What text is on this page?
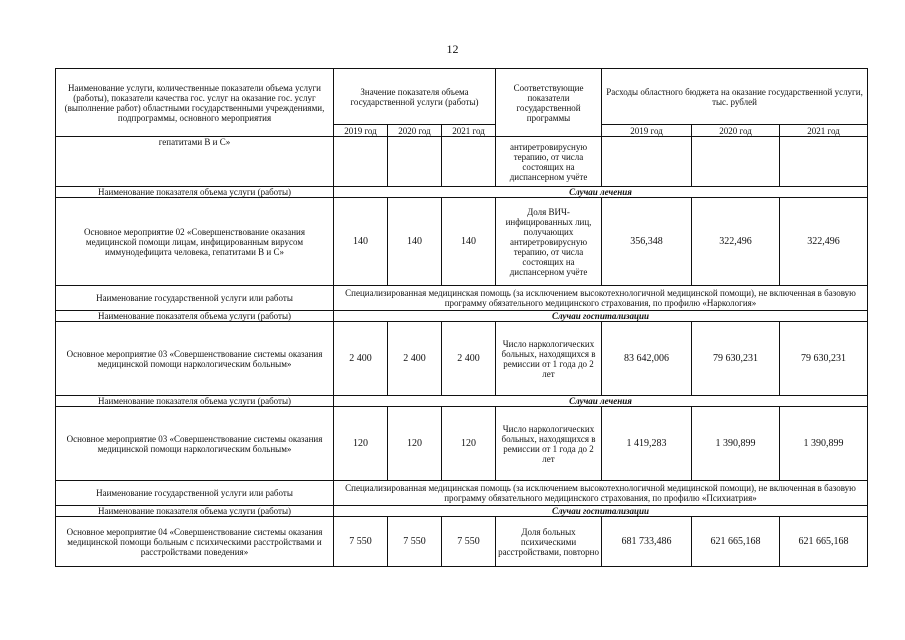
12
Наименование услуги, количественные показатели объема услуги (работы), показатели качества гос. услуг на оказание гос. услуг (выполнение работ) областными государственными учреждениями, подпрограммы, основного мероприятия	Значение показателя объема государственной услуги (работы)			Соответствующие показатели государственной программы	Расходы областного бюджета на оказание государственной услуги, тыс. рублей		
	2019 год	2020 год	2021 год		2019 год	2020 год	2021 год
гепатитами В и С»				антиретровирусную терапию, от числа состоящих на диспансерном учёте			
Наименование показателя объема услуги (работы)	Случаи лечения						
Основное мероприятие 02 «Совершенствование оказания медицинской помощи лицам, инфицированным вирусом иммунодефицита человека, гепатитами В и С»	140	140	140	Доля ВИЧ-инфицированных лиц, получающих антиретровирусную терапию, от числа состоящих на диспансерном учёте	356,348	322,496	322,496
Наименование государственной услуги или работы	Специализированная медицинская помощь (за исключением высокотехнологичной медицинской помощи), не включенная в базовую программу обязательного медицинского страхования, по профилю «Наркология»						
Наименование показателя объема услуги (работы)	Случаи госпитализации						
Основное мероприятие 03 «Совершенствование системы оказания медицинской помощи наркологическим больным»	2 400	2 400	2 400	Число наркологических больных, находящихся в ремиссии от 1 года до 2 лет	83 642,006	79 630,231	79 630,231
Наименование показателя объема услуги (работы)	Случаи лечения						
Основное мероприятие 03 «Совершенствование системы оказания медицинской помощи наркологическим больным»	120	120	120	Число наркологических больных, находящихся в ремиссии от 1 года до 2 лет	1 419,283	1 390,899	1 390,899
Наименование государственной услуги или работы	Специализированная медицинская помощь (за исключением высокотехнологичной медицинской помощи), не включенная в базовую программу обязательного медицинского страхования, по профилю «Психиатрия»						
Наименование показателя объема услуги (работы)	Случаи госпитализации						
Основное мероприятие 04 «Совершенствование системы оказания медицинской помощи больным с психическими расстройствами и расстройствами поведения»	7 550	7 550	7 550	Доля больных психическими расстройствами, повторно	681 733,486	621 665,168	621 665,168
